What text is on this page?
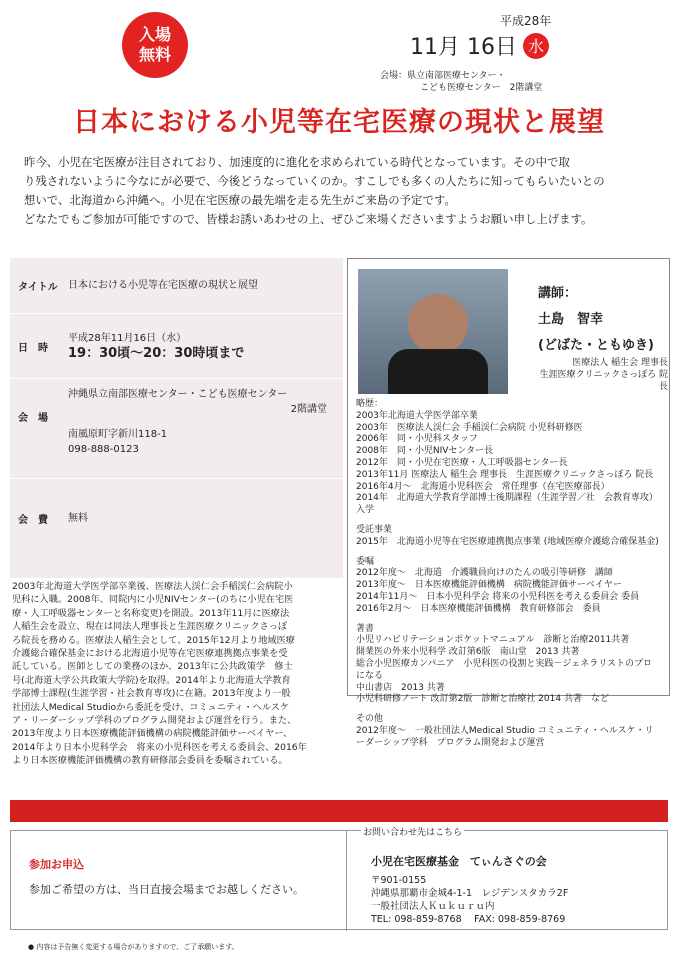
入場
無料
平成28年
11月 16日 水
会場：県立南部医療センター・
こども医療センター　2階講堂
日本における小児等在宅医療の現状と展望
昨今、小児在宅医療が注目されており、加速度的に進化を求められている時代となっています。その中で取
り残されないように今なにが必要で、今後どうなっていくのか。すこしでも多くの人たちに知ってもらいたいとの
想いで、北海道から沖縄へ。小児在宅医療の最先端を走る先生がご来島の予定です。
どなたでもご参加が可能ですので、皆様お誘いあわせの上、ぜひご来場くださいますようお願い申し上げます。
タイトル	日本における小児等在宅医療の現状と展望
日　時
平成28年11月16日（水）
19：30頃〜20：30時頃まで
会　場
沖縄県立南部医療センター・こども医療センター
2階講堂
南風原町字新川118-1
098-888-0123
会　費	無料
2003年北海道大学医学部卒業後、医療法人渓仁会手稲渓仁会病院小
児科に入職。2008年、同院内に小児NIVセンター(のちに小児在宅医
療・人工呼吸器センターと名称変更)を開設。2013年11月に医療法
人稲生会を設立、現在は同法人理事長と生涯医療クリニックさっぽ
ろ院長を務める。医療法人稲生会として、2015年12月より地域医療
介護総合確保基金における北海道小児等在宅医療連携拠点事業を受
託している。医師としての業務のほか、2013年に公共政策学　修士
号(北海道大学公共政策大学院)を取得。2014年より北海道大学教育
学部博士課程(生涯学習・社会教育専攻)に在籍。2013年度より一般
社団法人Medical Studioから委託を受け、コミュニティ・ヘルスケ
ア・リーダーシップ学科のプログラム開発および運営を行う。また、
2013年度より日本医療機能評価機構の病院機能評価サーベイヤー、
2014年より日本小児科学会　将来の小児科医を考える委員会、2016年
より日本医療機能評価機構の教育研修部会委員を委嘱されている。
講師：
土島　智幸
(どばた・ともゆき)
医療法人 稲生会 理事長
生涯医療クリニックさっぽろ 院長
略歴：
2003年北海道大学医学部卒業
2003年　医療法人渓仁会 手稲渓仁会病院 小児科研修医
2006年　同・小児科スタッフ
2008年　同・小児NIVセンター長
2012年　同・小児在宅医療・人工呼吸器センター長
2013年11月 医療法人 稲生会 理事長　生涯医療クリニックさっぽろ 院長
2016年4月〜　北海道小児科医会　常任理事（在宅医療部長）
2014年　北海道大学教育学部博士後期課程（生涯学習／社　会教育専攻）
入学
受託事業
2015年　北海道小児等在宅医療連携拠点事業 (地域医療介護総合確保基金)
委嘱
2012年度〜　北海道　介護職員向けのたんの吸引等研修　講師
2013年度〜　日本医療機能評価機構　病院機能評価サーベイヤー
2014年11月〜　日本小児科学会 将来の小児科医を考える委員会 委員
2016年2月〜　日本医療機能評価機構　教育研修部会　委員
著書
小児リハビリテーションポケットマニュアル　診断と治療2011共著
開業医の外来小児科学 改訂第6版　南山堂　2013 共著
総合小児医療カンパニア　小児科医の役割と実践－ジェネラリストのプロ
になる
中山書店　2013 共著
小児科研修ノート 改訂第2版　診断と治療社 2014 共著　など
その他
2012年度〜　一般社団法人Medical Studio コミュニティ・ヘルスケ・リ
ーダーシップ学科　プログラム開発および運営
参加お申込
参加ご希望の方は、当日直接会場までお越しください。
お問い合わせ先はこちら
小児在宅医療基金　てぃんさぐの会
〒901-0155
沖縄県那覇市金城4-1-1　レジデンスタカラ2F
一般社団法人Ｋｕｋｕｒｕ内
TEL: 098-859-8768　 FAX: 098-859-8769
● 内容は予告無く変更する場合がありますので、ご了承願います。
